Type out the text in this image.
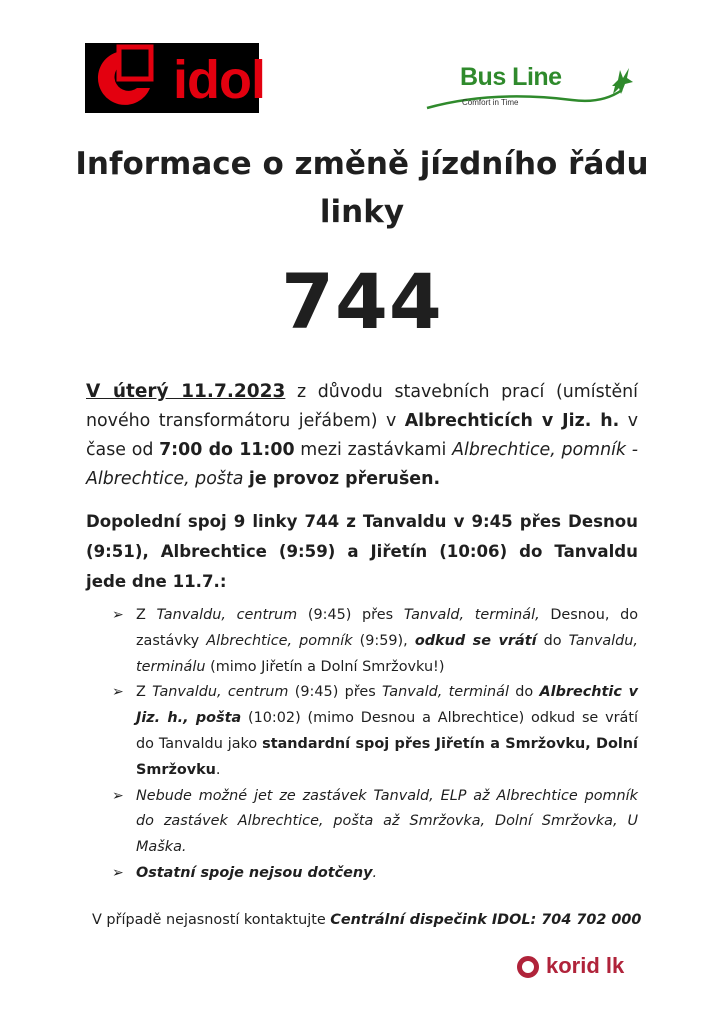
idol	Bus Line
Comfort in Time
Informace o změně jízdního řádu
linky
744
V úterý 11.7.2023 z důvodu stavebních prací (umístění nového transformátoru jeřábem) v Albrechticích v Jiz. h. v čase od 7:00 do 11:00 mezi zastávkami Albrechtice, pomník - Albrechtice, pošta je provoz přerušen.
Dopolední spoj 9 linky 744 z Tanvaldu v 9:45 přes Desnou (9:51), Albrechtice (9:59) a Jiřetín (10:06) do Tanvaldu jede dne 11.7.:
➢ Z Tanvaldu, centrum (9:45) přes Tanvald, terminál, Desnou, do zastávky Albrechtice, pomník (9:59), odkud se vrátí do Tanvaldu, terminálu (mimo Jiřetín a Dolní Smržovku!)
➢ Z Tanvaldu, centrum (9:45) přes Tanvald, terminál do Albrechtic v Jiz. h., pošta (10:02) (mimo Desnou a Albrechtice) odkud se vrátí do Tanvaldu jako standardní spoj přes Jiřetín a Smržovku, Dolní Smržovku.
➢ Nebude možné jet ze zastávek Tanvald, ELP až Albrechtice pomník do zastávek Albrechtice, pošta až Smržovka, Dolní Smržovka, U Maška.
➢ Ostatní spoje nejsou dotčeny.
V případě nejasností kontaktujte Centrální dispečink IDOL: 704 702 000
korid lk
